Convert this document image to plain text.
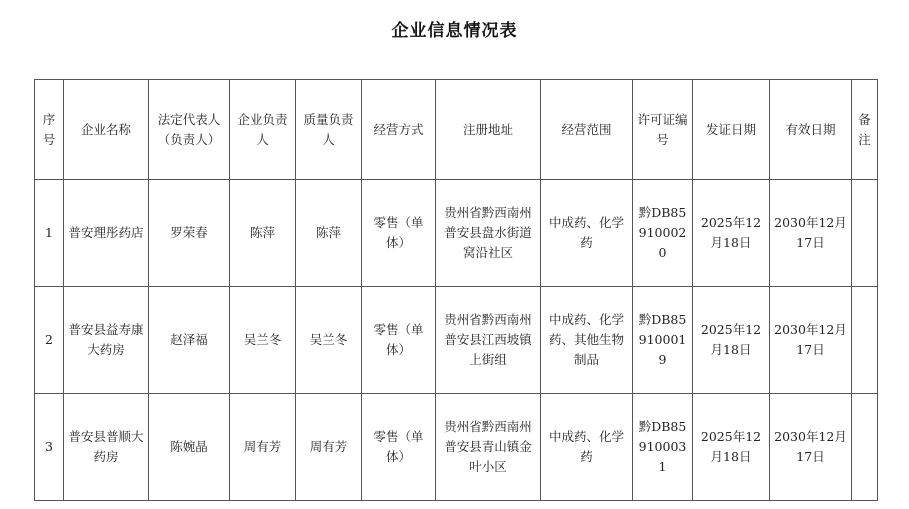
企业信息情况表
序号	企业名称	法定代表人（负责人）	企业负责人	质量负责人	经营方式	注册地址	经营范围	许可证编号	发证日期	有效日期	备注
1	普安理彤药店	罗荣春	陈萍	陈萍	零售（单体）	贵州省黔西南州普安县盘水街道窝沿社区	中成药、化学药	黔DB859100020	2025年12月18日	2030年12月17日	
2	普安县益寿康大药房	赵泽福	吴兰冬	吴兰冬	零售（单体）	贵州省黔西南州普安县江西坡镇上街组	中成药、化学药、其他生物制品	黔DB859100019	2025年12月18日	2030年12月17日	
3	普安县普顺大药房	陈婉晶	周有芳	周有芳	零售（单体）	贵州省黔西南州普安县青山镇金叶小区	中成药、化学药	黔DB859100031	2025年12月18日	2030年12月17日	
